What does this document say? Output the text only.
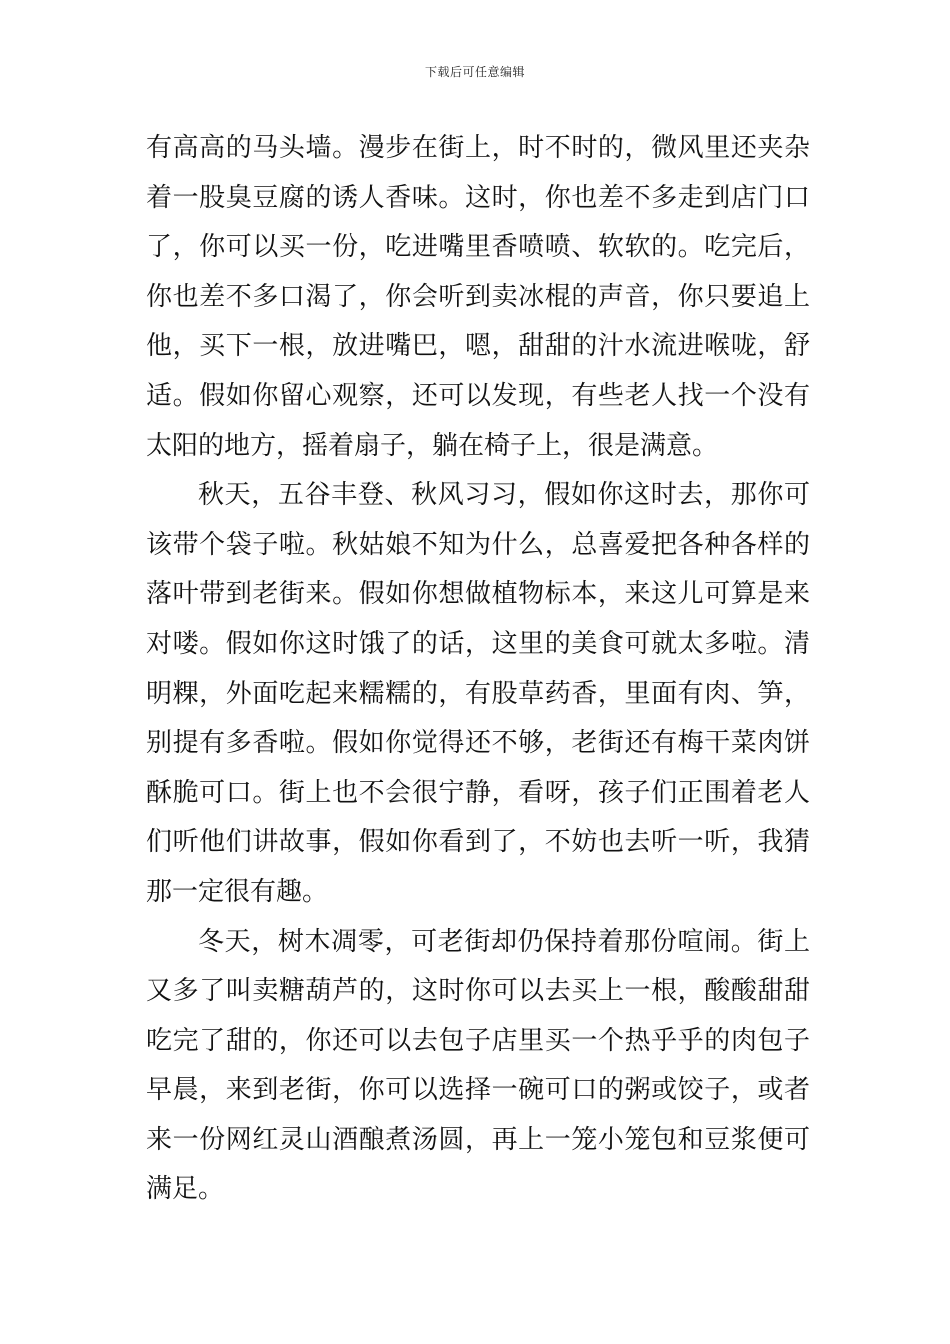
下载后可任意编辑
有高高的马头墙。漫步在街上，时不时的，微风里还夹杂
着一股臭豆腐的诱人香味。这时，你也差不多走到店门口
了，你可以买一份，吃进嘴里香喷喷、软软的。吃完后，
你也差不多口渴了，你会听到卖冰棍的声音，你只要追上
他，买下一根，放进嘴巴，嗯，甜甜的汁水流进喉咙，舒
适。假如你留心观察，还可以发现，有些老人找一个没有
太阳的地方，摇着扇子，躺在椅子上，很是满意。
秋天，五谷丰登、秋风习习，假如你这时去，那你可
该带个袋子啦。秋姑娘不知为什么，总喜爱把各种各样的
落叶带到老街来。假如你想做植物标本，来这儿可算是来
对喽。假如你这时饿了的话，这里的美食可就太多啦。清
明粿，外面吃起来糯糯的，有股草药香，里面有肉、笋，
别提有多香啦。假如你觉得还不够，老街还有梅干菜肉饼
酥脆可口。街上也不会很宁静，看呀，孩子们正围着老人
们听他们讲故事，假如你看到了，不妨也去听一听，我猜
那一定很有趣。
冬天，树木凋零，可老街却仍保持着那份喧闹。街上
又多了叫卖糖葫芦的，这时你可以去买上一根，酸酸甜甜
吃完了甜的，你还可以去包子店里买一个热乎乎的肉包子
早晨，来到老街，你可以选择一碗可口的粥或饺子，或者
来一份网红灵山酒酿煮汤圆，再上一笼小笼包和豆浆便可
满足。
